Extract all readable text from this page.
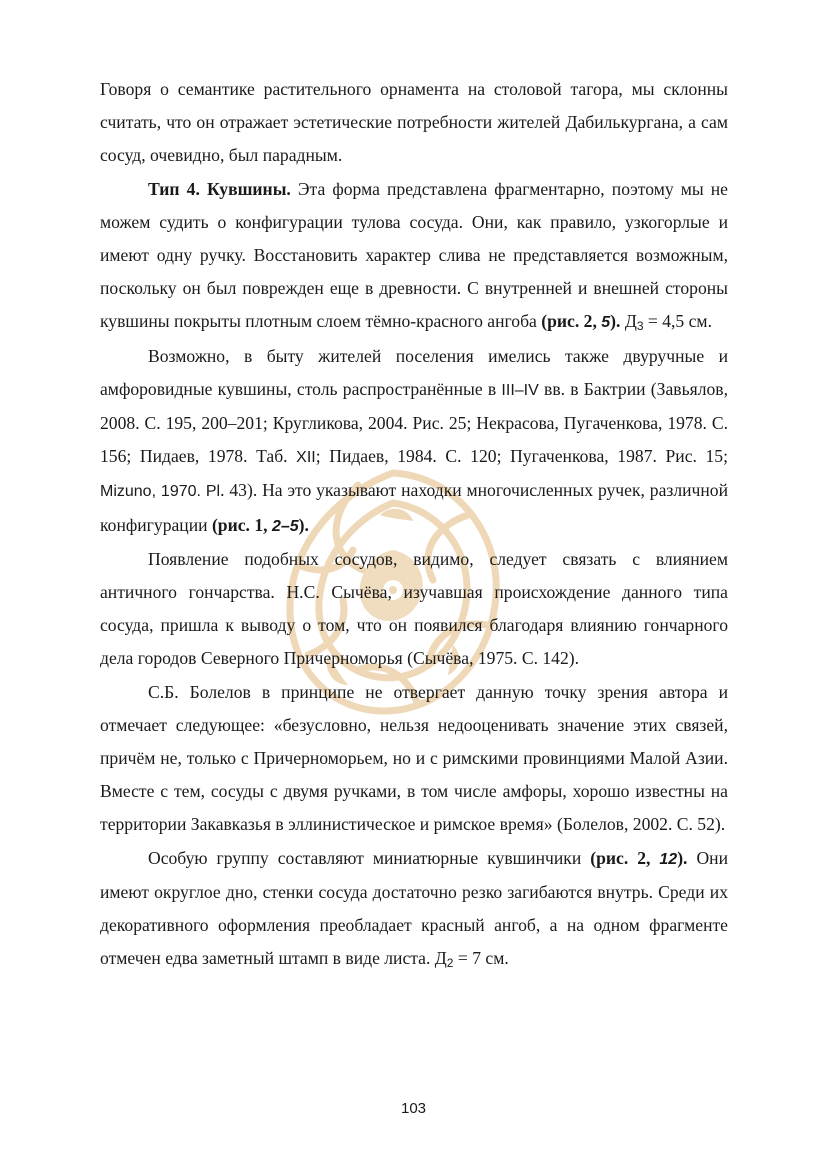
Говоря о семантике растительного орнамента на столовой тагора, мы склонны считать, что он отражает эстетические потребности жителей Дабилькургана, а сам сосуд, очевидно, был парадным.

Тип 4. Кувшины. Эта форма представлена фрагментарно, поэтому мы не можем судить о конфигурации тулова сосуда. Они, как правило, узкогорлые и имеют одну ручку. Восстановить характер слива не представляется возможным, поскольку он был поврежден еще в древности. С внутренней и внешней стороны кувшины покрыты плотным слоем тёмно-красного ангоба (рис. 2, 5). $Д_3 = 4,5$ см.

Возможно, в быту жителей поселения имелись также двуручные и амфоровидные кувшины, столь распространённые в III–IV вв. в Бактрии (Завьялов, 2008. С. 195, 200–201; Кругликова, 2004. Рис. 25; Некрасова, Пугаченкова, 1978. С. 156; Пидаев, 1978. Таб. XII; Пидаев, 1984. С. 120; Пугаченкова, 1987. Рис. 15; Mizuno, 1970. Pl. 43). На это указывают находки многочисленных ручек, различной конфигурации (рис. 1, 2–5).

Появление подобных сосудов, видимо, следует связать с влиянием античного гончарства. Н.С. Сычёва, изучавшая происхождение данного типа сосуда, пришла к выводу о том, что он появился благодаря влиянию гончарного дела городов Северного Причерноморья (Сычёва, 1975. С. 142).

С.Б. Болелов в принципе не отвергает данную точку зрения автора и отмечает следующее: «безусловно, нельзя недооценивать значение этих связей, причём не, только с Причерноморьем, но и с римскими провинциями Малой Азии. Вместе с тем, сосуды с двумя ручками, в том числе амфоры, хорошо известны на территории Закавказья в эллинистическое и римское время» (Болелов, 2002. С. 52).

Особую группу составляют миниатюрные кувшинчики (рис. 2, 12). Они имеют округлое дно, стенки сосуда достаточно резко загибаются внутрь. Среди их декоративного оформления преобладает красный ангоб, а на одном фрагменте отмечен едва заметный штамп в виде листа. $Д_2 = 7$ см.

103
